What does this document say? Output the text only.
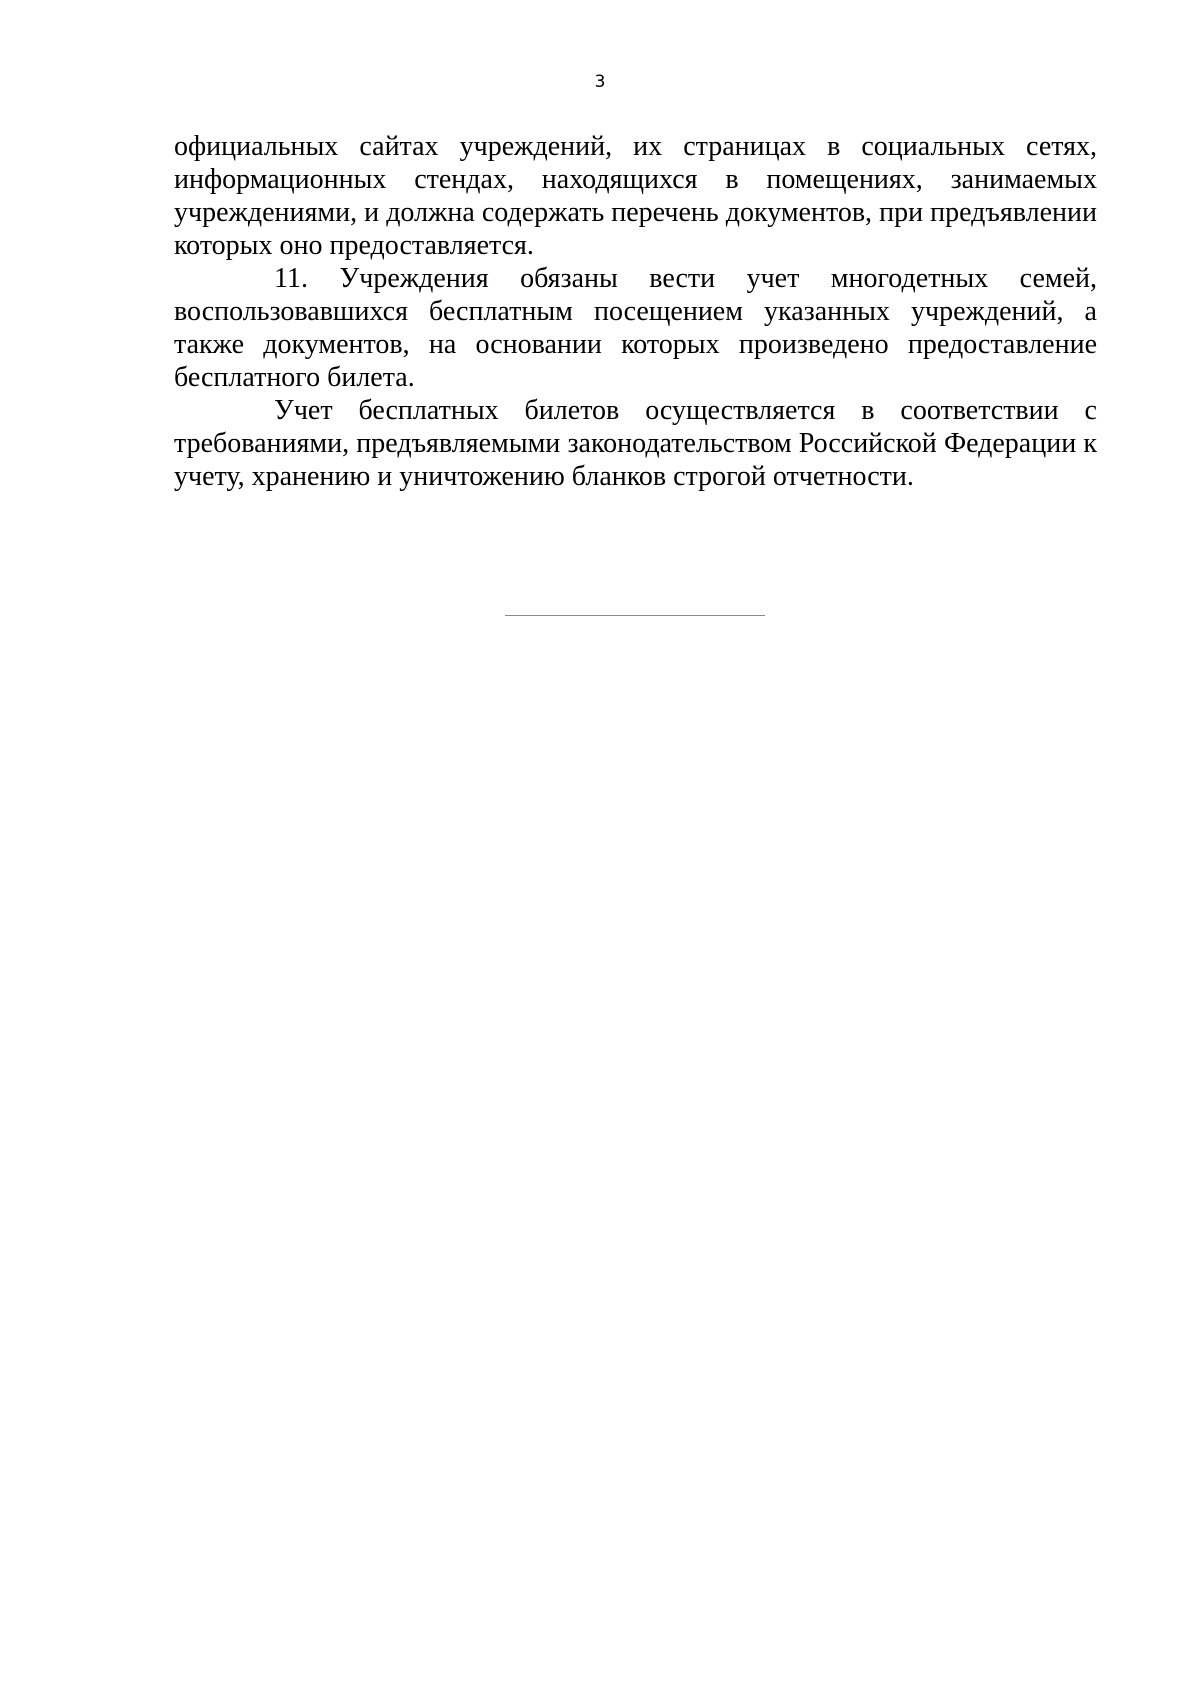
3

официальных сайтах учреждений, их страницах в социальных сетях, информационных стендах, находящихся в помещениях, занимаемых учреждениями, и должна содержать перечень документов, при предъявлении которых оно предоставляется.

11. Учреждения обязаны вести учет многодетных семей, воспользовавшихся бесплатным посещением указанных учреждений, а также документов, на основании которых произведено предоставление бесплатного билета.

Учет бесплатных билетов осуществляется в соответствии с требованиями, предъявляемыми законодательством Российской Федерации к учету, хранению и уничтожению бланков строгой отчетности.
